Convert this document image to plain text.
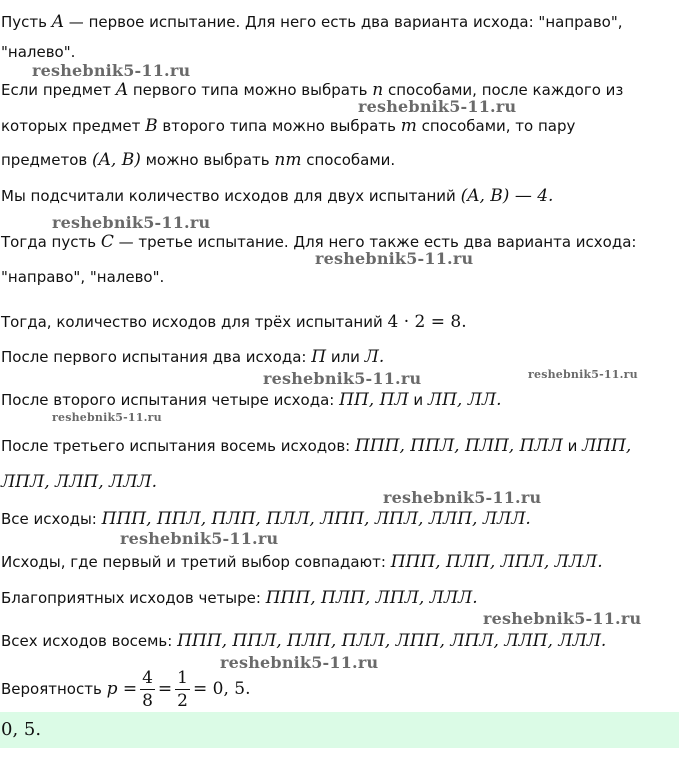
Пусть A — первое испытание. Для него есть два варианта исхода: "направо",
"налево".
Если предмет A первого типа можно выбрать n способами, после каждого из
которых предмет B второго типа можно выбрать m способами, то пару
предметов (A, B) можно выбрать nm способами.
Мы подсчитали количество исходов для двух испытаний (A, B) — 4.
Тогда пусть C — третье испытание. Для него также есть два варианта исхода:
"направо", "налево".
Тогда, количество исходов для трёх испытаний 4 · 2 = 8.
После первого испытания два исхода: П или Л.
После второго испытания четыре исхода: ПП, ПЛ и ЛП, ЛЛ.
После третьего испытания восемь исходов: ППП, ППЛ, ПЛП, ПЛЛ и ЛПП,
ЛПЛ, ЛЛП, ЛЛЛ.
Все исходы: ППП, ППЛ, ПЛП, ПЛЛ, ЛПП, ЛПЛ, ЛЛП, ЛЛЛ.
Исходы, где первый и третий выбор совпадают: ППП, ПЛП, ЛПЛ, ЛЛЛ.
Благоприятных исходов четыре: ППП, ПЛП, ЛПЛ, ЛЛЛ.
Всех исходов восемь: ППП, ППЛ, ПЛП, ПЛЛ, ЛПП, ЛПЛ, ЛЛП, ЛЛЛ.
Вероятность $p = \frac{4}{8} = \frac{1}{2} = 0$, 5.
0, 5.
reshebnik5-11.ru
reshebnik5-11.ru
reshebnik5-11.ru
reshebnik5-11.ru
reshebnik5-11.ru	reshebnik5-11.ru
reshebnik5-11.ru
reshebnik5-11.ru
reshebnik5-11.ru
reshebnik5-11.ru
reshebnik5-11.ru
